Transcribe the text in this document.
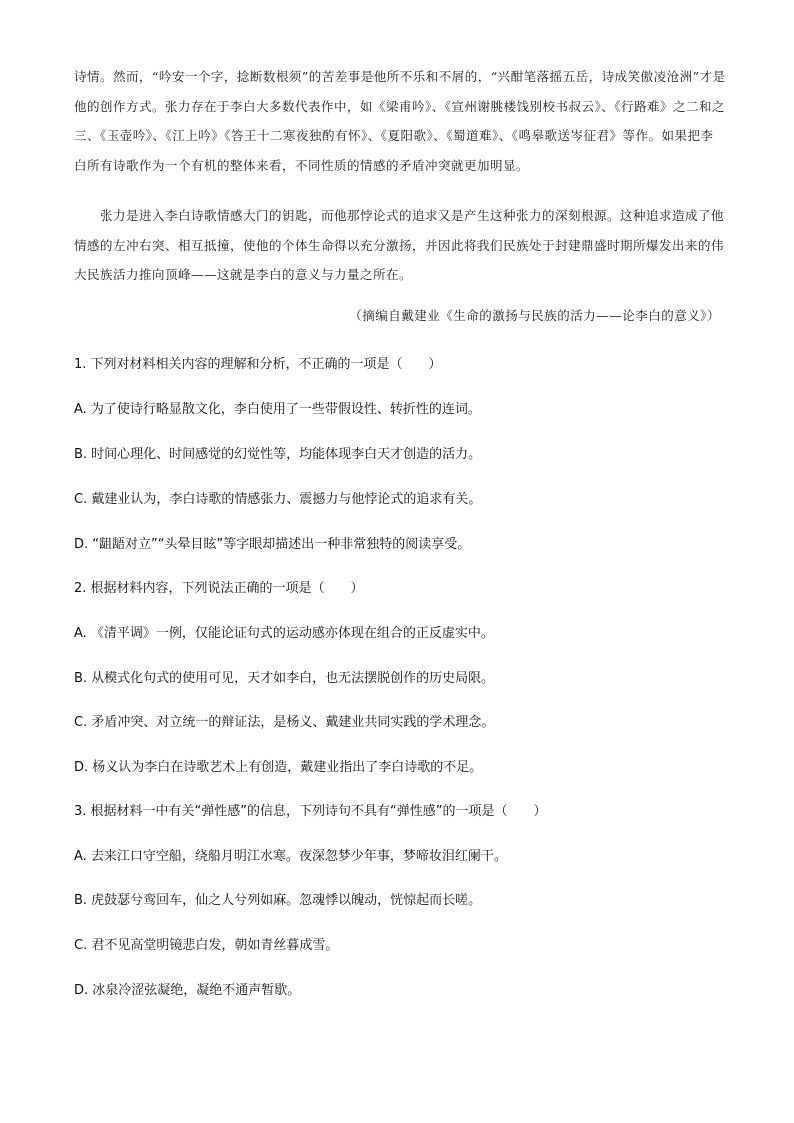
诗情。然而，“吟安一个字，捻断数根须”的苦差事是他所不乐和不屑的，“兴酣笔落摇五岳，诗成笑傲凌沧洲”才是他的创作方式。张力存在于李白大多数代表作中，如《梁甫吟》、《宣州谢朓楼饯别校书叔云》、《行路难》之二和之三、《玉壶吟》、《江上吟》《答王十二寒夜独酌有怀》、《夏阳歌》、《蜀道难》、《鸣皋歌送岑征君》等作。如果把李白所有诗歌作为一个有机的整体来看，不同性质的情感的矛盾冲突就更加明显。

张力是进入李白诗歌情感大门的钥匙，而他那悖论式的追求又是产生这种张力的深刻根源。这种追求造成了他情感的左冲右突、相互抵撞，使他的个体生命得以充分激扬，并因此将我们民族处于封建鼎盛时期所爆发出来的伟大民族活力推向顶峰——这就是李白的意义与力量之所在。

（摘编自戴建业《生命的激扬与民族的活力——论李白的意义》）
1. 下列对材料相关内容的理解和分析，不正确的一项是（　　）
A. 为了使诗行略显散文化，李白使用了一些带假设性、转折性的连词。
B. 时间心理化、时间感觉的幻觉性等，均能体现李白天才创造的活力。
C. 戴建业认为，李白诗歌的情感张力、震撼力与他悖论式的追求有关。
D. “龃龉对立”“头晕目眩”等字眼却描述出一种非常独特的阅读享受。
2. 根据材料内容，下列说法正确的一项是（　　）
A. 《清平调》一例，仅能论证句式的运动感亦体现在组合的正反虚实中。
B. 从模式化句式的使用可见，天才如李白，也无法摆脱创作的历史局限。
C. 矛盾冲突、对立统一的辩证法，是杨义、戴建业共同实践的学术理念。
D. 杨义认为李白在诗歌艺术上有创造，戴建业指出了李白诗歌的不足。
3. 根据材料一中有关“弹性感”的信息，下列诗句不具有“弹性感”的一项是（　　）
A. 去来江口守空船，绕船月明江水寒。夜深忽梦少年事，梦啼妆泪红阑干。
B. 虎鼓瑟兮鸾回车，仙之人兮列如麻。忽魂悸以魄动，恍惊起而长嗟。
C. 君不见高堂明镜悲白发，朝如青丝暮成雪。
D. 冰泉冷涩弦凝绝，凝绝不通声暂歇。
